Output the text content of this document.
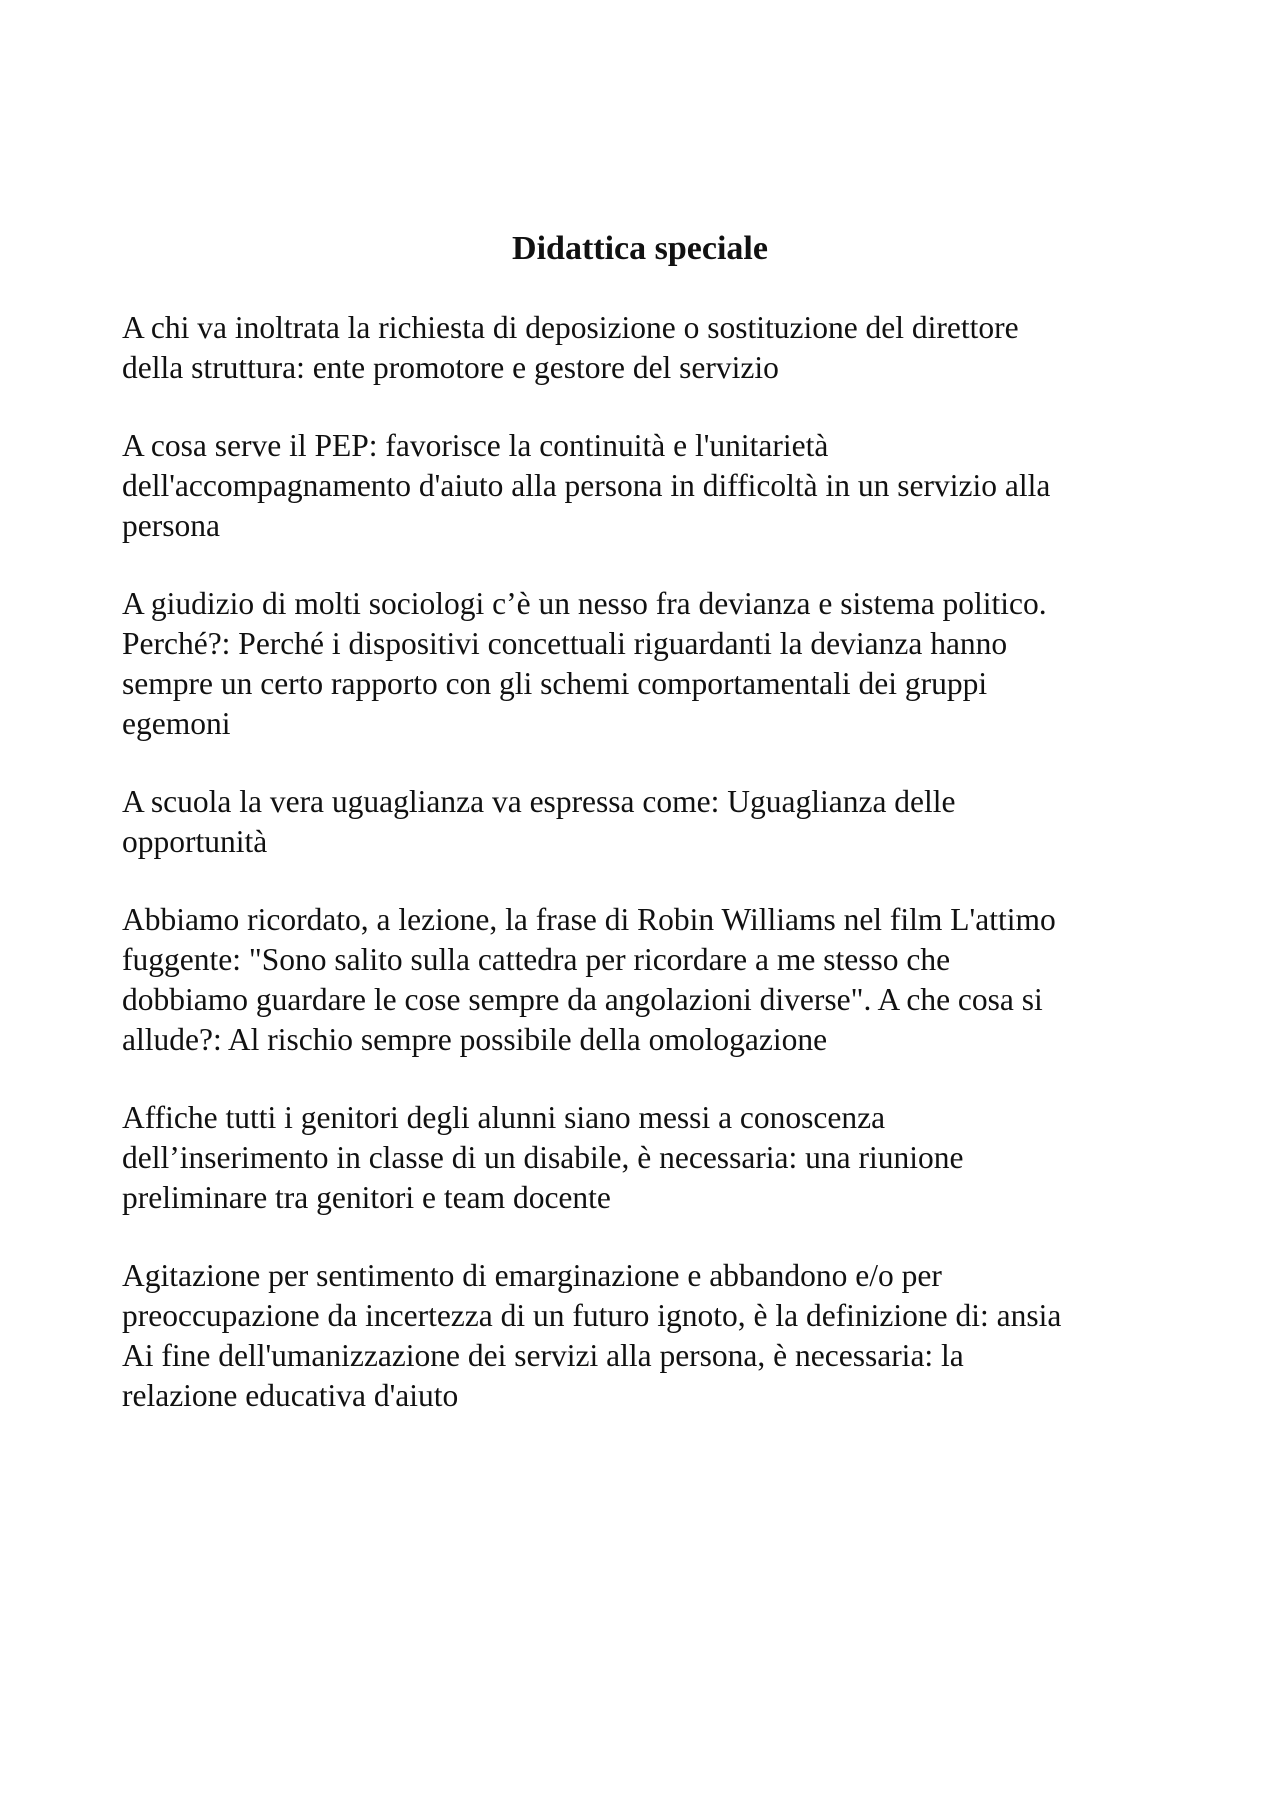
Didattica speciale

A chi va inoltrata la richiesta di deposizione o sostituzione del direttore
della struttura: ente promotore e gestore del servizio

A cosa serve il PEP: favorisce la continuità e l'unitarietà
dell'accompagnamento d'aiuto alla persona in difficoltà in un servizio alla
persona

A giudizio di molti sociologi c’è un nesso fra devianza e sistema politico.
Perché?: Perché i dispositivi concettuali riguardanti la devianza hanno
sempre un certo rapporto con gli schemi comportamentali dei gruppi
egemoni

A scuola la vera uguaglianza va espressa come: Uguaglianza delle
opportunità

Abbiamo ricordato, a lezione, la frase di Robin Williams nel film L'attimo
fuggente: "Sono salito sulla cattedra per ricordare a me stesso che
dobbiamo guardare le cose sempre da angolazioni diverse". A che cosa si
allude?: Al rischio sempre possibile della omologazione

Affiche tutti i genitori degli alunni siano messi a conoscenza
dell’inserimento in classe di un disabile, è necessaria: una riunione
preliminare tra genitori e team docente

Agitazione per sentimento di emarginazione e abbandono e/o per
preoccupazione da incertezza di un futuro ignoto, è la definizione di: ansia

Ai fine dell'umanizzazione dei servizi alla persona, è necessaria: la
relazione educativa d'aiuto
